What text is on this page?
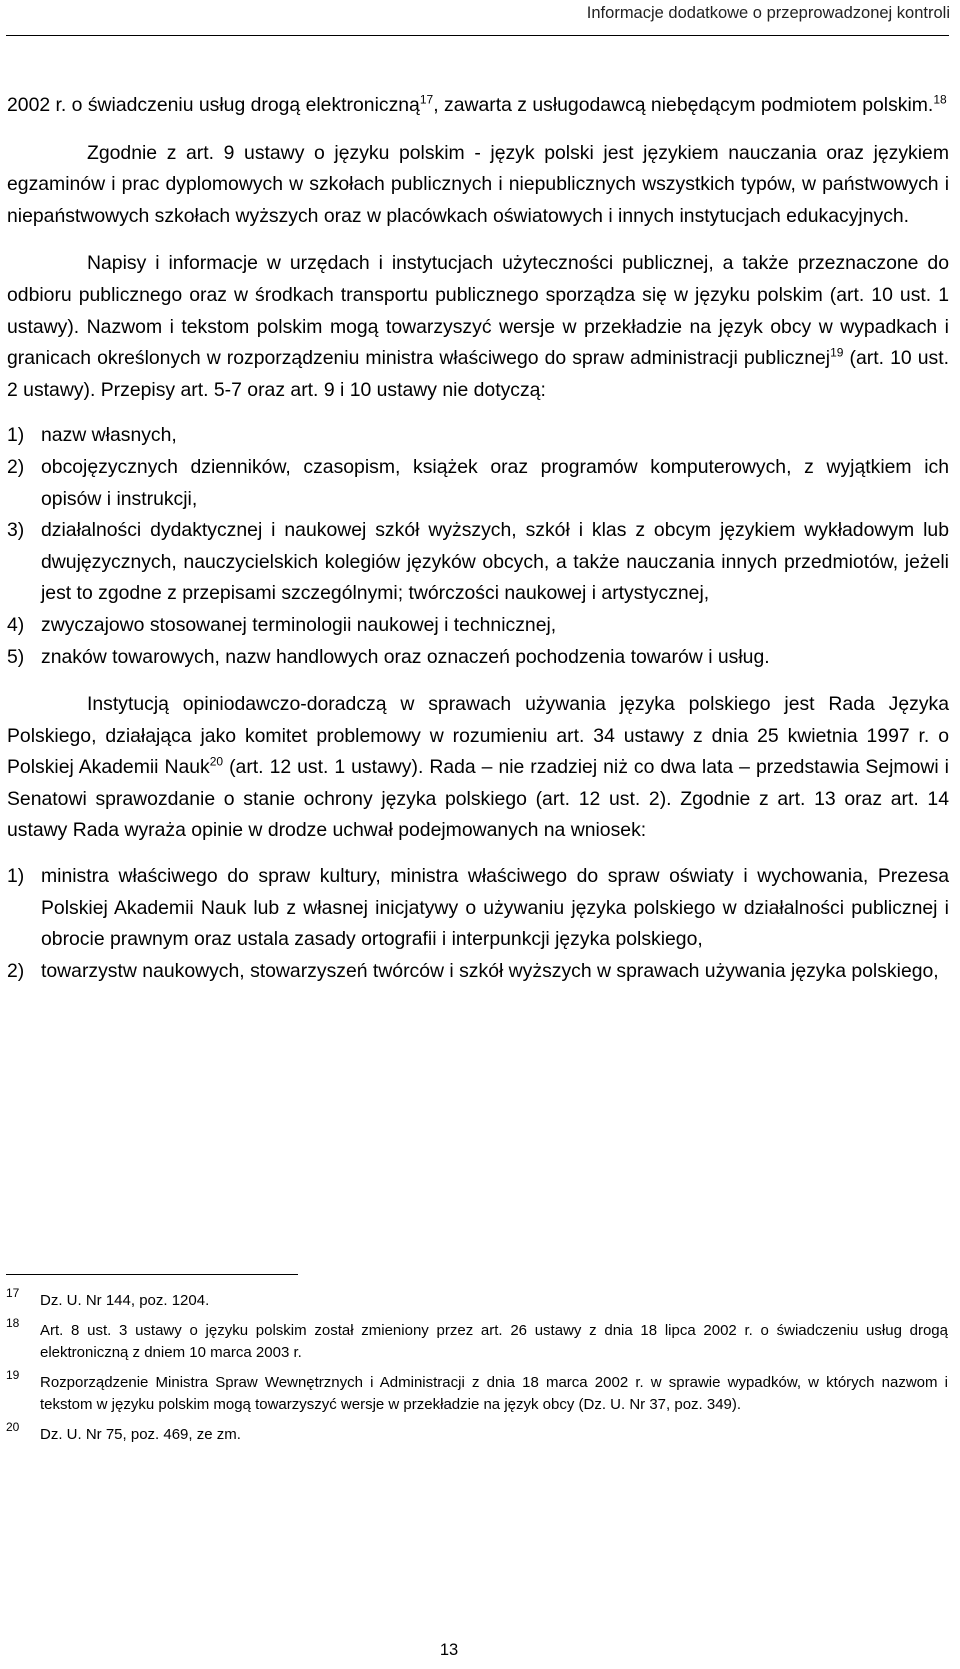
Informacje dodatkowe o przeprowadzonej kontroli

2002 r. o świadczeniu usług drogą elektroniczną$^{17}$, zawarta z usługodawcą niebędącym podmiotem polskim.$^{18}$

Zgodnie z art. 9 ustawy o języku polskim - język polski jest językiem nauczania oraz językiem egzaminów i prac dyplomowych w szkołach publicznych i niepublicznych wszystkich typów, w państwowych i niepaństwowych szkołach wyższych oraz w placówkach oświatowych i innych instytucjach edukacyjnych.

Napisy i informacje w urzędach i instytucjach użyteczności publicznej, a także przeznaczone do odbioru publicznego oraz w środkach transportu publicznego sporządza się w języku polskim (art. 10 ust. 1 ustawy). Nazwom i tekstom polskim mogą towarzyszyć wersje w przekładzie na język obcy w wypadkach i granicach określonych w rozporządzeniu ministra właściwego do spraw administracji publicznej$^{19}$ (art. 10 ust. 2 ustawy). Przepisy art. 5-7 oraz art. 9 i 10 ustawy nie dotyczą:

1) nazw własnych,
2) obcojęzycznych dzienników, czasopism, książek oraz programów komputerowych, z wyjątkiem ich opisów i instrukcji,
3) działalności dydaktycznej i naukowej szkół wyższych, szkół i klas z obcym językiem wykładowym lub dwujęzycznych, nauczycielskich kolegiów języków obcych, a także nauczania innych przedmiotów, jeżeli jest to zgodne z przepisami szczególnymi; twórczości naukowej i artystycznej,
4) zwyczajowo stosowanej terminologii naukowej i technicznej,
5) znaków towarowych, nazw handlowych oraz oznaczeń pochodzenia towarów i usług.

Instytucją opiniodawczo-doradczą w sprawach używania języka polskiego jest Rada Języka Polskiego, działająca jako komitet problemowy w rozumieniu art. 34 ustawy z dnia 25 kwietnia 1997 r. o Polskiej Akademii Nauk$^{20}$ (art. 12 ust. 1 ustawy). Rada – nie rzadziej niż co dwa lata – przedstawia Sejmowi i Senatowi sprawozdanie o stanie ochrony języka polskiego (art. 12 ust. 2). Zgodnie z art. 13 oraz art. 14 ustawy Rada wyraża opinie w drodze uchwał podejmowanych na wniosek:

1) ministra właściwego do spraw kultury, ministra właściwego do spraw oświaty i wychowania, Prezesa Polskiej Akademii Nauk lub z własnej inicjatywy o używaniu języka polskiego w działalności publicznej i obrocie prawnym oraz ustala zasady ortografii i interpunkcji języka polskiego,
2) towarzystw naukowych, stowarzyszeń twórców i szkół wyższych w sprawach używania języka polskiego,
17 Dz. U. Nr 144, poz. 1204.
18 Art. 8 ust. 3 ustawy o języku polskim został zmieniony przez art. 26 ustawy z dnia 18 lipca 2002 r. o świadczeniu usług drogą elektroniczną z dniem 10 marca 2003 r.
19 Rozporządzenie Ministra Spraw Wewnętrznych i Administracji z dnia 18 marca 2002 r. w sprawie wypadków, w których nazwom i tekstom w języku polskim mogą towarzyszyć wersje w przekładzie na język obcy (Dz. U. Nr 37, poz. 349).
20 Dz. U. Nr 75, poz. 469, ze zm.
13
